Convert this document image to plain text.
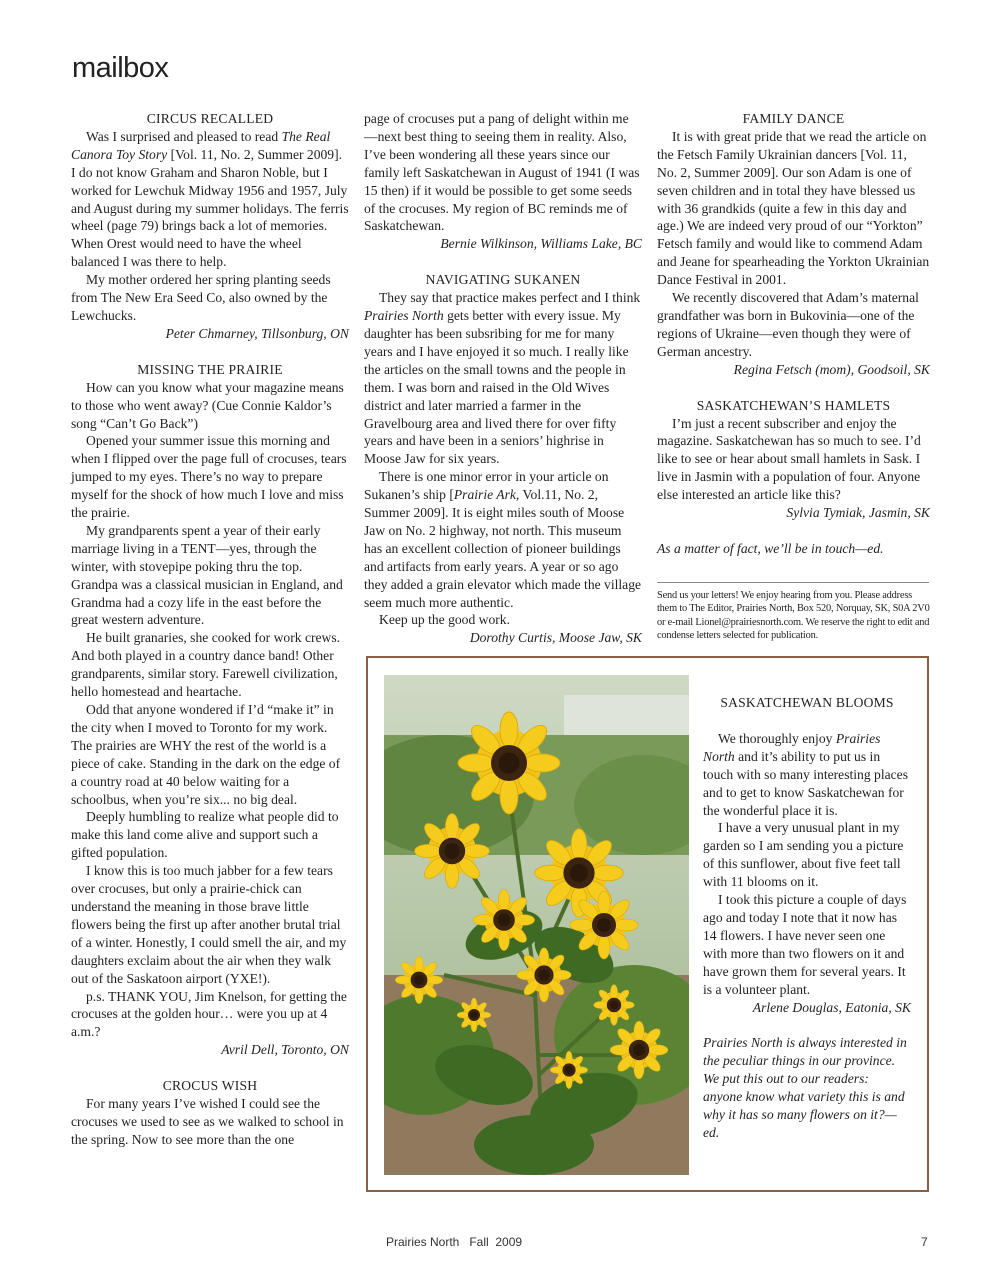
mailbox
CIRCUS RECALLED

Was I surprised and pleased to read The Real Canora Toy Story [Vol. 11, No. 2, Summer 2009]. I do not know Graham and Sharon Noble, but I worked for Lewchuk Midway 1956 and 1957, July and August during my summer holidays. The ferris wheel (page 79) brings back a lot of memories. When Orest would need to have the wheel balanced I was there to help.

My mother ordered her spring planting seeds from The New Era Seed Co, also owned by the Lewchucks.

Peter Chmarney, Tillsonburg, ON

MISSING THE PRAIRIE

How can you know what your magazine means to those who went away? (Cue Connie Kaldor’s song “Can’t Go Back”)

Opened your summer issue this morning and when I flipped over the page full of crocuses, tears jumped to my eyes. There’s no way to prepare myself for the shock of how much I love and miss the prairie.

My grandparents spent a year of their early marriage living in a TENT—yes, through the winter, with stovepipe poking thru the top. Grandpa was a classical musician in England, and Grandma had a cozy life in the east before the great western adventure.

He built granaries, she cooked for work crews. And both played in a country dance band! Other grandparents, similar story. Farewell civilization, hello homestead and heartache.

Odd that anyone wondered if I’d “make it” in the city when I moved to Toronto for my work. The prairies are WHY the rest of the world is a piece of cake. Standing in the dark on the edge of a country road at 40 below waiting for a schoolbus, when you’re six... no big deal.

Deeply humbling to realize what people did to make this land come alive and support such a gifted population.

I know this is too much jabber for a few tears over crocuses, but only a prairie-chick can understand the meaning in those brave little flowers being the first up after another brutal trial of a winter. Honestly, I could smell the air, and my daughters exclaim about the air when they walk out of the Saskatoon airport (YXE!).

p.s. THANK YOU, Jim Knelson, for getting the crocuses at the golden hour… were you up at 4 a.m.?

Avril Dell, Toronto, ON

CROCUS WISH

For many years I’ve wished I could see the crocuses we used to see as we walked to school in the spring. Now to see more than the one

page of crocuses put a pang of delight within me—next best thing to seeing them in reality. Also, I’ve been wondering all these years since our family left Saskatchewan in August of 1941 (I was 15 then) if it would be possible to get some seeds of the crocuses. My region of BC reminds me of Saskatchewan.

Bernie Wilkinson, Williams Lake, BC

NAVIGATING SUKANEN

They say that practice makes perfect and I think Prairies North gets better with every issue. My daughter has been subsribing for me for many years and I have enjoyed it so much. I really like the articles on the small towns and the people in them. I was born and raised in the Old Wives district and later married a farmer in the Gravelbourg area and lived there for over fifty years and have been in a seniors’ highrise in Moose Jaw for six years.

There is one minor error in your article on Sukanen’s ship [Prairie Ark, Vol.11, No. 2, Summer 2009]. It is eight miles south of Moose Jaw on No. 2 highway, not north. This museum has an excellent collection of pioneer buildings and artifacts from early years. A year or so ago they added a grain elevator which made the village seem much more authentic.

Keep up the good work.

Dorothy Curtis, Moose Jaw, SK

FAMILY DANCE

It is with great pride that we read the article on the Fetsch Family Ukrainian dancers [Vol. 11, No. 2, Summer 2009]. Our son Adam is one of seven children and in total they have blessed us with 36 grandkids (quite a few in this day and age.) We are indeed very proud of our “Yorkton” Fetsch family and would like to commend Adam and Jeane for spearheading the Yorkton Ukrainian Dance Festival in 2001.

We recently discovered that Adam’s maternal grandfather was born in Bukovinia—one of the regions of Ukraine—even though they were of German ancestry.

Regina Fetsch (mom), Goodsoil, SK

SASKATCHEWAN’S HAMLETS

I’m just a recent subscriber and enjoy the magazine. Saskatchewan has so much to see. I’d like to see or hear about small hamlets in Sask. I live in Jasmin with a population of four. Anyone else interested an article like this?

Sylvia Tymiak, Jasmin, SK

As a matter of fact, we’ll be in touch—ed.

Send us your letters! We enjoy hearing from you. Please address them to The Editor, Prairies North, Box 520, Norquay, SK, S0A 2V0 or e-mail Lionel@prairiesnorth.com. We reserve the right to edit and condense letters selected for publication.

SASKATCHEWAN BLOOMS

We thoroughly enjoy Prairies North and it’s ability to put us in touch with so many interesting places and to get to know Saskatchewan for the wonderful place it is.

I have a very unusual plant in my garden so I am sending you a picture of this sunflower, about five feet tall with 11 blooms on it.

I took this picture a couple of days ago and today I note that it now has 14 flowers. I have never seen one with more than two flowers on it and have grown them for several years. It is a volunteer plant.

Arlene Douglas, Eatonia, SK

Prairies North is always interested in the peculiar things in our province. We put this out to our readers: anyone know what variety this is and why it has so many flowers on it?—ed.

Prairies North   Fall  2009	7
